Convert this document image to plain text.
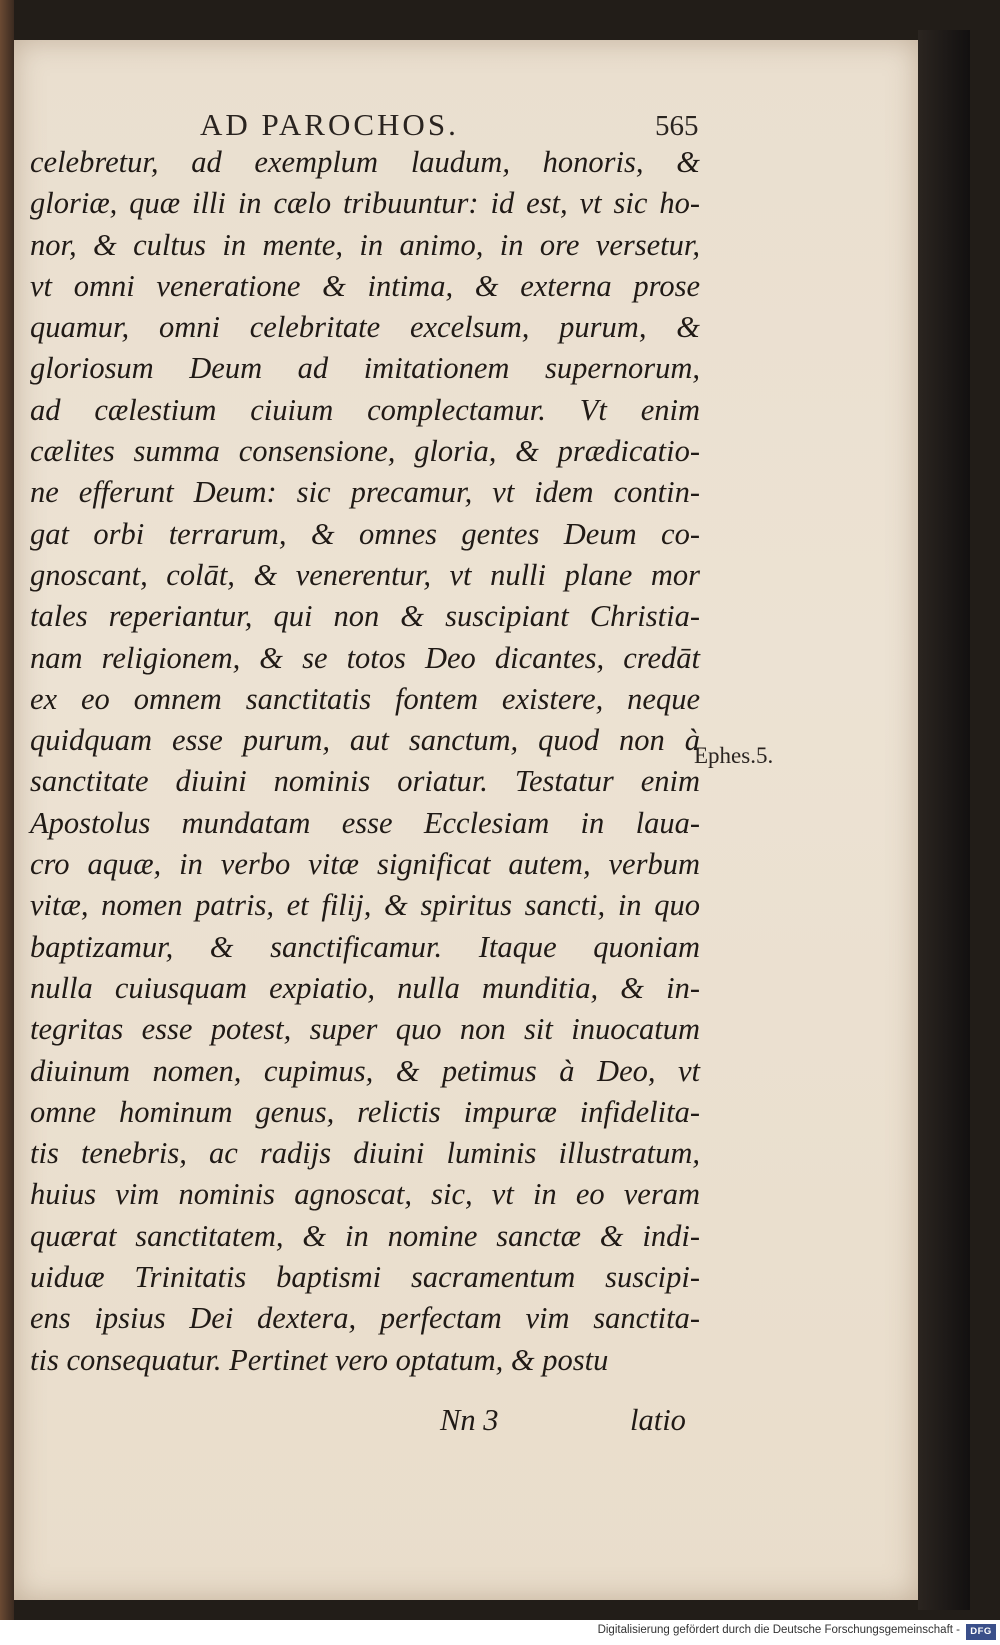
AD PAROCHOS.	565
celebretur, ad exemplum laudum, honoris, &
gloriæ, quæ illi in cælo tribuuntur: id est, vt sic ho-
nor, & cultus in mente, in animo, in ore versetur,
vt omni veneratione & intima, & externa prose
quamur, omni celebritate excelsum, purum, &
gloriosum Deum ad imitationem supernorum,
ad cælestium ciuium complectamur. Vt enim
cælites summa consensione, gloria, & prædicatio-
ne efferunt Deum: sic precamur, vt idem contin-
gat orbi terrarum, & omnes gentes Deum co-
gnoscant, colāt, & venerentur, vt nulli plane mor
tales reperiantur, qui non & suscipiant Christia-
nam religionem, & se totos Deo dicantes, credāt
ex eo omnem sanctitatis fontem existere, neque
quidquam esse purum, aut sanctum, quod non à
sanctitate diuini nominis oriatur. Testatur enim
Apostolus mundatam esse Ecclesiam in laua-
cro aquæ, in verbo vitæ significat autem, verbum
vitæ, nomen patris, et filij, & spiritus sancti, in quo
baptizamur, & sanctificamur. Itaque quoniam
nulla cuiusquam expiatio, nulla munditia, & in-
tegritas esse potest, super quo non sit inuocatum
diuinum nomen, cupimus, & petimus à Deo, vt
omne hominum genus, relictis impuræ infidelita-
tis tenebris, ac radijs diuini luminis illustratum,
huius vim nominis agnoscat, sic, vt in eo veram
quærat sanctitatem, & in nomine sanctæ & indi-
uiduæ Trinitatis baptismi sacramentum suscipi-
ens ipsius Dei dextera, perfectam vim sanctita-
tis consequatur. Pertinet vero optatum, & postu
Ephes.5.
Nn 3	latio
Digitalisierung gefördert durch die Deutsche Forschungsgemeinschaft -	DFG
